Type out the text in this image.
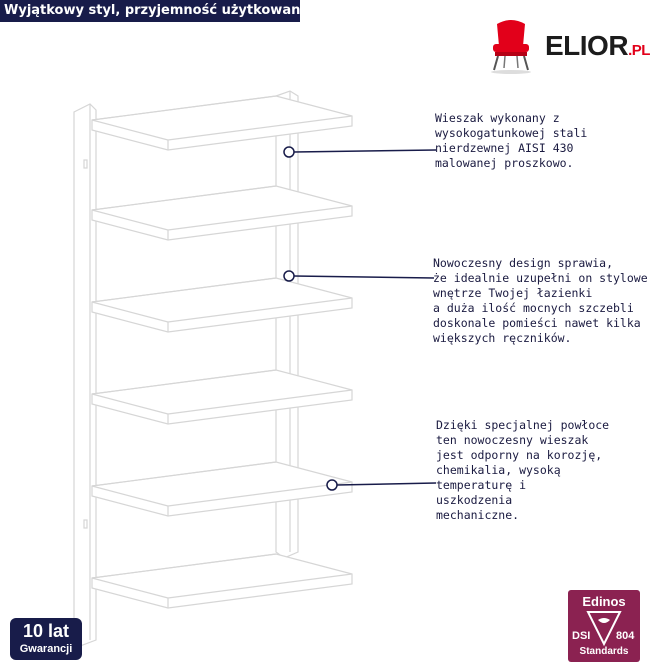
Wyjątkowy styl, przyjemność użytkowania!
ELIOR.PL
Wieszak wykonany z
wysokogatunkowej stali
nierdzewnej AISI 430
malowanej proszkowo.
Nowoczesny design sprawia,
że idealnie uzupełni on stylowe
wnętrze Twojej łazienki
a duża ilość mocnych szczebli
doskonale pomieści nawet kilka
większych ręczników.
Dzięki specjalnej powłoce
ten nowoczesny wieszak
jest odporny na korozję,
chemikalia, wysoką
temperaturę i
uszkodzenia
mechaniczne.
10 lat
Gwarancji
Edinos
DSI 804
Standards
